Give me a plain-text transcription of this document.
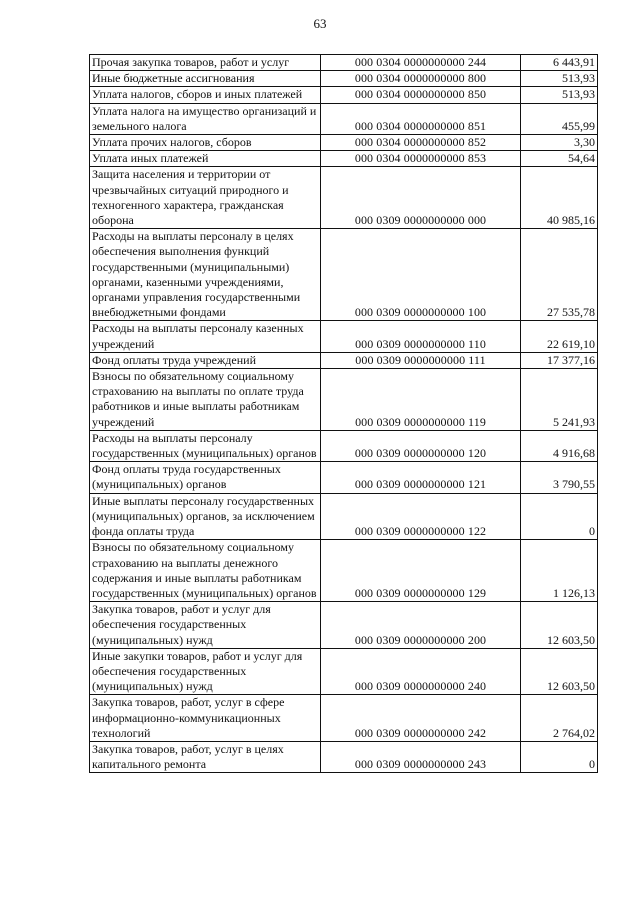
63
Прочая закупка товаров, работ и услуг	000 0304 0000000000 244	6 443,91
Иные бюджетные ассигнования	000 0304 0000000000 800	513,93
Уплата налогов, сборов и иных платежей	000 0304 0000000000 850	513,93
Уплата налога на имущество организаций и земельного налога	000 0304 0000000000 851	455,99
Уплата прочих налогов, сборов	000 0304 0000000000 852	3,30
Уплата иных платежей	000 0304 0000000000 853	54,64
Защита населения и территории от чрезвычайных ситуаций природного и техногенного характера, гражданская оборона	000 0309 0000000000 000	40 985,16
Расходы на выплаты персоналу в целях обеспечения выполнения функций государственными (муниципальными) органами, казенными учреждениями, органами управления государственными внебюджетными фондами	000 0309 0000000000 100	27 535,78
Расходы на выплаты персоналу казенных учреждений	000 0309 0000000000 110	22 619,10
Фонд оплаты труда учреждений	000 0309 0000000000 111	17 377,16
Взносы по обязательному социальному страхованию на выплаты по оплате труда работников и иные выплаты работникам учреждений	000 0309 0000000000 119	5 241,93
Расходы на выплаты персоналу государственных (муниципальных) органов	000 0309 0000000000 120	4 916,68
Фонд оплаты труда государственных (муниципальных) органов	000 0309 0000000000 121	3 790,55
Иные выплаты персоналу государственных (муниципальных) органов, за исключением фонда оплаты труда	000 0309 0000000000 122	0
Взносы по обязательному социальному страхованию на выплаты денежного содержания и иные выплаты работникам государственных (муниципальных) органов	000 0309 0000000000 129	1 126,13
Закупка товаров, работ и услуг для обеспечения государственных (муниципальных) нужд	000 0309 0000000000 200	12 603,50
Иные закупки товаров, работ и услуг для обеспечения государственных (муниципальных) нужд	000 0309 0000000000 240	12 603,50
Закупка товаров, работ, услуг в сфере информационно-коммуникационных технологий	000 0309 0000000000 242	2 764,02
Закупка товаров, работ, услуг в целях капитального ремонта	000 0309 0000000000 243	0
